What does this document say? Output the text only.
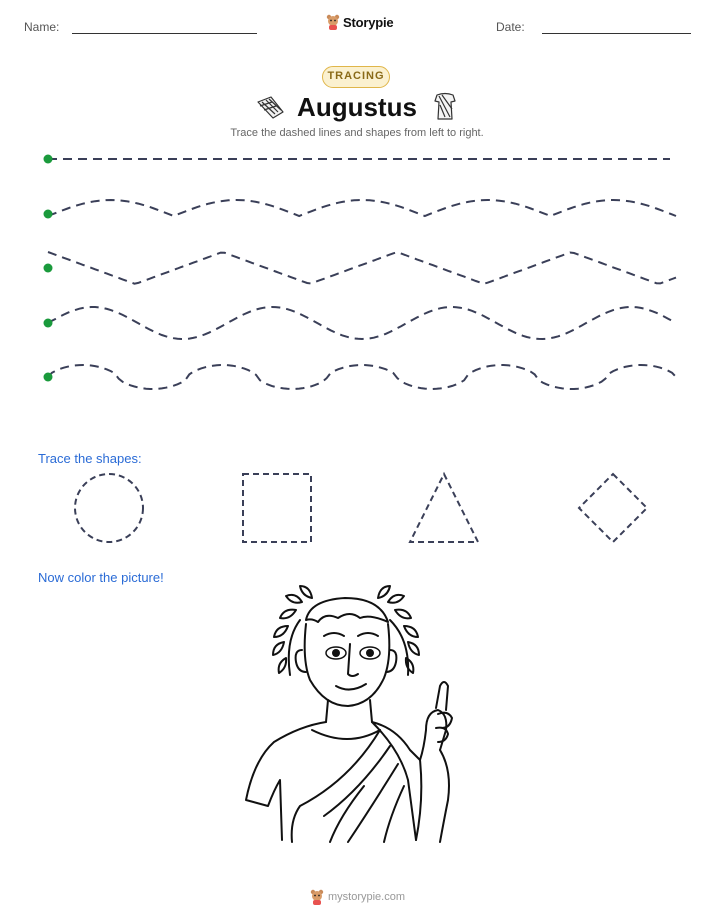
Name:	Storypie	Date:
TRACING
Augustus
Trace the dashed lines and shapes from left to right.
Trace the shapes:
Now color the picture!
mystorypie.com
